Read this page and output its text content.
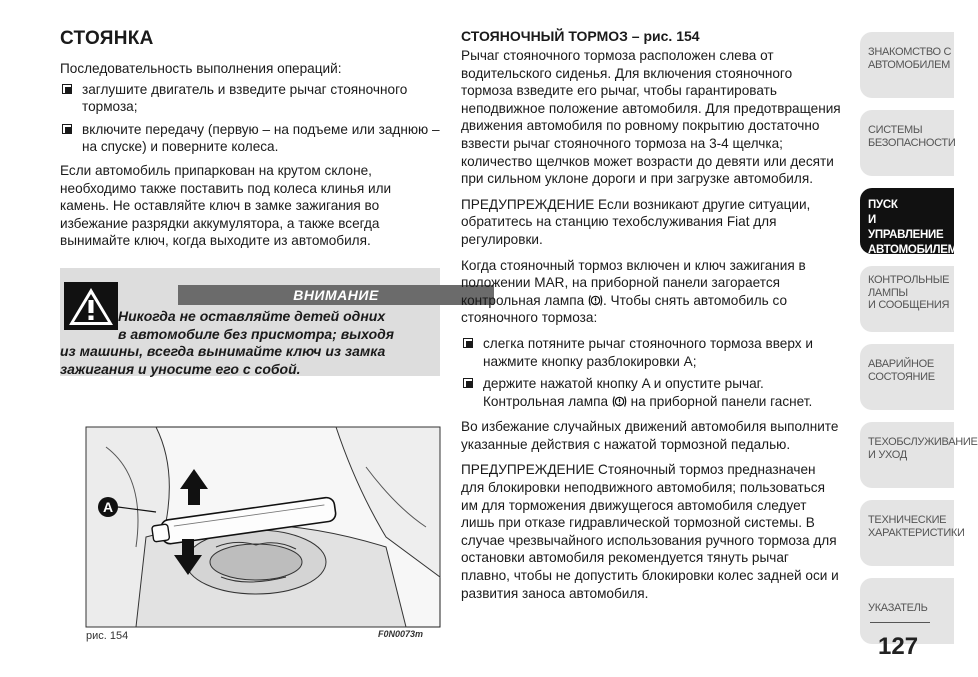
СТОЯНКА

Последовательность выполнения операций:

заглушите двигатель и взведите рычаг стояночного тормоза;
включите передачу (первую – на подъеме или заднюю – на спуске) и поверните колеса.

Если автомобиль припаркован на крутом склоне, необходимо также поставить под колеса клинья или камень. Не оставляйте ключ в замке зажигания во избежание разрядки аккумулятора, а также всегда вынимайте ключ, когда выходите из автомобиля.

ВНИМАНИЕ
Никогда не оставляйте детей одних
в автомобиле без присмотра; выходя
из машины, всегда вынимайте ключ из замка
зажигания и уносите его с собой.
A
рис. 154	F0N0073m
СТОЯНОЧНЫЙ ТОРМОЗ – рис. 154

Рычаг стояночного тормоза расположен слева от водительского сиденья. Для включения стояночного тормоза взведите его рычаг, чтобы гарантировать неподвижное положение автомобиля. Для предотвращения движения автомобиля по ровному покрытию достаточно взвести рычаг стояночного тормоза на 3-4 щелчка; количество щелчков может возрасти до девяти или десяти при сильном уклоне дороги и при загрузке автомобиля.

ПРЕДУПРЕЖДЕНИЕ Если возникают другие ситуации, обратитесь на станцию техобслуживания Fiat для регулировки.

Когда стояночный тормоз включен и ключ зажигания в положении MAR, на приборной панели загорается контрольная лампа . Чтобы снять автомобиль со стояночного тормоза:

слегка потяните рычаг стояночного тормоза вверх и нажмите кнопку разблокировки A;
держите нажатой кнопку A и опустите рычаг. Контрольная лампа на приборной панели гаснет.

Во избежание случайных движений автомобиля выполните указанные действия с нажатой тормозной педалью.

ПРЕДУПРЕЖДЕНИЕ Стояночный тормоз предназначен для блокировки неподвижного автомобиля; пользоваться им для торможения движущегося автомобиля следует лишь при отказе гидравлической тормозной системы. В случае чрезвычайного использования ручного тормоза для остановки автомобиля рекомендуется тянуть рычаг плавно, чтобы не допустить блокировки колес задней оси и развития заноса автомобиля.

ЗНАКОМСТВО С
АВТОМОБИЛЕМ
СИСТЕМЫ
БЕЗОПАСНОСТИ
ПУСК
И УПРАВЛЕНИЕ
АВТОМОБИЛЕМ
КОНТРОЛЬНЫЕ
ЛАМПЫ
И СООБЩЕНИЯ
АВАРИЙНОЕ
СОСТОЯНИЕ
ТЕХОБСЛУЖИВАНИЕ
И УХОД
ТЕХНИЧЕСКИЕ
ХАРАКТЕРИСТИКИ
УКАЗАТЕЛЬ
127
